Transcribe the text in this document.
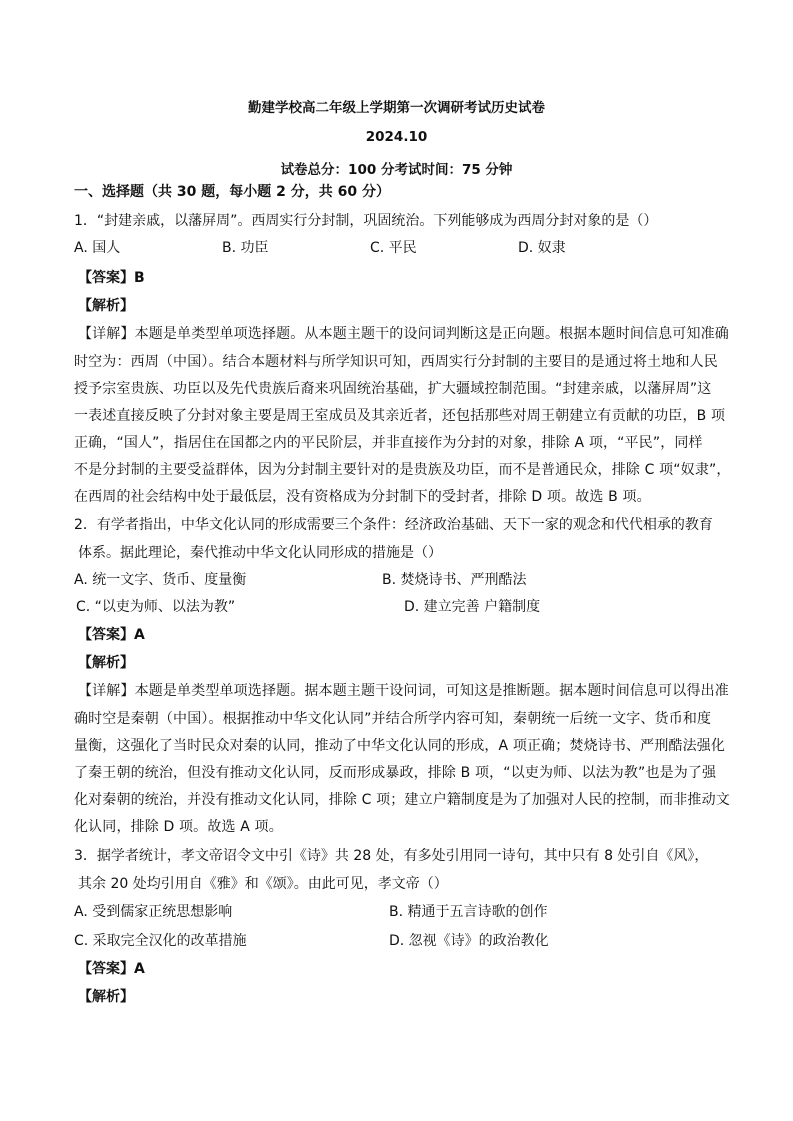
勤建学校高二年级上学期第一次调研考试历史试卷
2024.10
试卷总分：100 分考试时间：75 分钟
一、选择题（共 30 题，每小题 2 分，共 60 分）
1．“封建亲戚，以藩屏周”。西周实行分封制，巩固统治。下列能够成为西周分封对象的是（）
A. 国人	B. 功臣	C. 平民	D. 奴隶
【答案】B
【解析】
【详解】本题是单类型单项选择题。从本题主题干的设问词判断这是正向题。根据本题时间信息可知准确
时空为：西周（中国）。结合本题材料与所学知识可知，西周实行分封制的主要目的是通过将土地和人民
授予宗室贵族、功臣以及先代贵族后裔来巩固统治基础，扩大疆域控制范围。“封建亲戚，以藩屏周”这
一表述直接反映了分封对象主要是周王室成员及其亲近者，还包括那些对周王朝建立有贡献的功臣，B 项
正确，“国人”，指居住在国都之内的平民阶层，并非直接作为分封的对象，排除 A 项，“平民”，同样
不是分封制的主要受益群体，因为分封制主要针对的是贵族及功臣，而不是普通民众，排除 C 项“奴隶”，
在西周的社会结构中处于最低层，没有资格成为分封制下的受封者，排除 D 项。故选 B 项。
2．有学者指出，中华文化认同的形成需要三个条件：经济政治基础、天下一家的观念和代代相承的教育
体系。据此理论，秦代推动中华文化认同形成的措施是（）
A. 统一文字、货币、度量衡	B. 焚烧诗书、严刑酷法
C. “以吏为师、以法为教”	D. 建立完善 户籍制度
【答案】A
【解析】
【详解】本题是单类型单项选择题。据本题主题干设问词，可知这是推断题。据本题时间信息可以得出准
确时空是秦朝（中国）。根据推动中华文化认同”并结合所学内容可知，秦朝统一后统一文字、货币和度
量衡，这强化了当时民众对秦的认同，推动了中华文化认同的形成，A 项正确；焚烧诗书、严刑酷法强化
了秦王朝的统治，但没有推动文化认同，反而形成暴政，排除 B 项，“以吏为师、以法为教”也是为了强
化对秦朝的统治，并没有推动文化认同，排除 C 项；建立户籍制度是为了加强对人民的控制，而非推动文
化认同，排除 D 项。故选 A 项。
3．据学者统计，孝文帝诏令文中引《诗》共 28 处，有多处引用同一诗句，其中只有 8 处引自《风》，
其余 20 处均引用自《雅》和《颂》。由此可见，孝文帝（）
A. 受到儒家正统思想影响	B. 精通于五言诗歌的创作
C. 采取完全汉化的改革措施	D. 忽视《诗》的政治教化
【答案】A
【解析】
